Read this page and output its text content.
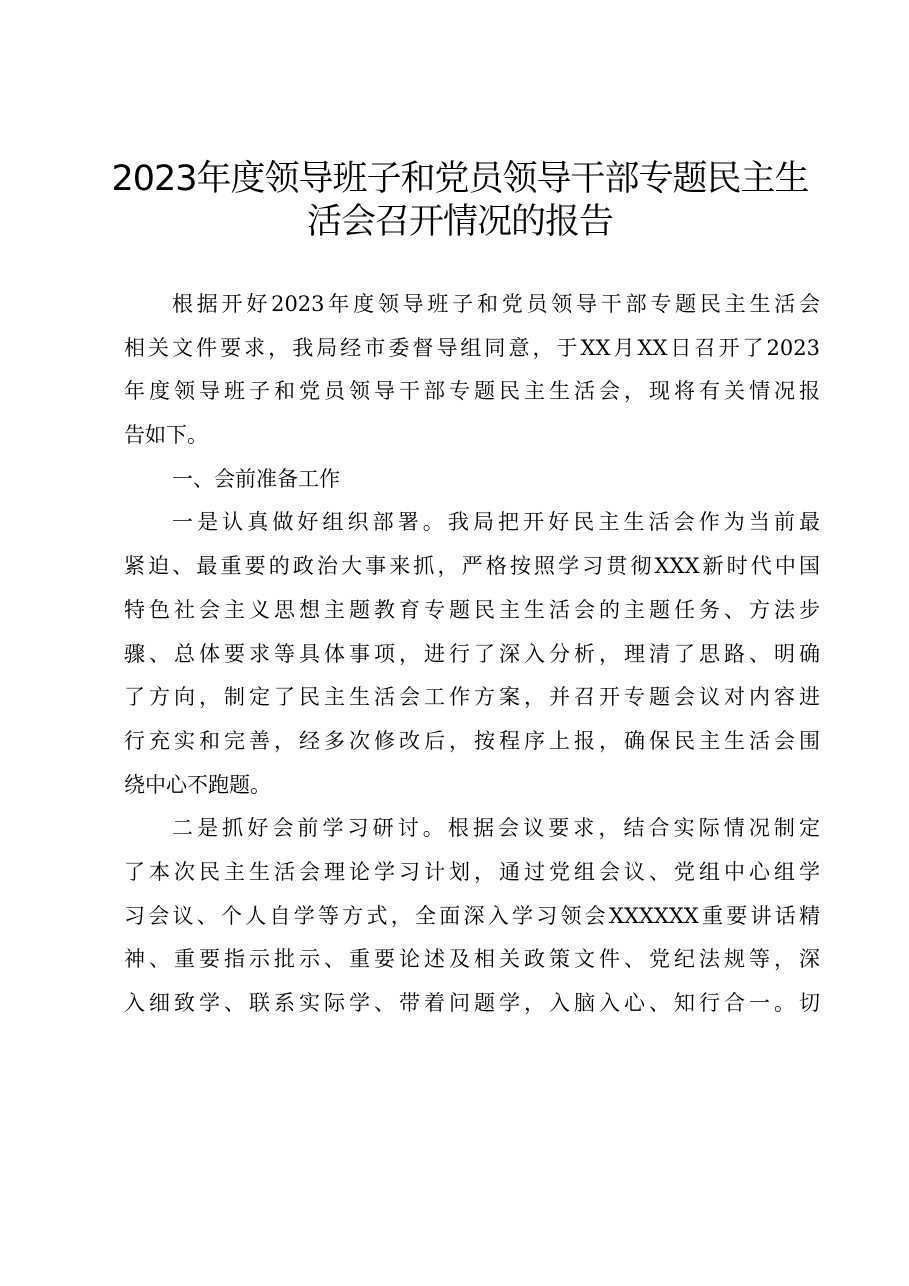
2023年度领导班子和党员领导干部专题民主生
活会召开情况的报告
根据开好2023年度领导班子和党员领导干部专题民主生活会
相关文件要求，我局经市委督导组同意，于XX月XX日召开了2023
年度领导班子和党员领导干部专题民主生活会，现将有关情况报
告如下。
一、会前准备工作
一是认真做好组织部署。我局把开好民主生活会作为当前最
紧迫、最重要的政治大事来抓，严格按照学习贯彻XXX新时代中国
特色社会主义思想主题教育专题民主生活会的主题任务、方法步
骤、总体要求等具体事项，进行了深入分析，理清了思路、明确
了方向，制定了民主生活会工作方案，并召开专题会议对内容进
行充实和完善，经多次修改后，按程序上报，确保民主生活会围
绕中心不跑题。
二是抓好会前学习研讨。根据会议要求，结合实际情况制定
了本次民主生活会理论学习计划，通过党组会议、党组中心组学
习会议、个人自学等方式，全面深入学习领会XXXXXX重要讲话精
神、重要指示批示、重要论述及相关政策文件、党纪法规等，深
入细致学、联系实际学、带着问题学，入脑入心、知行合一。切
